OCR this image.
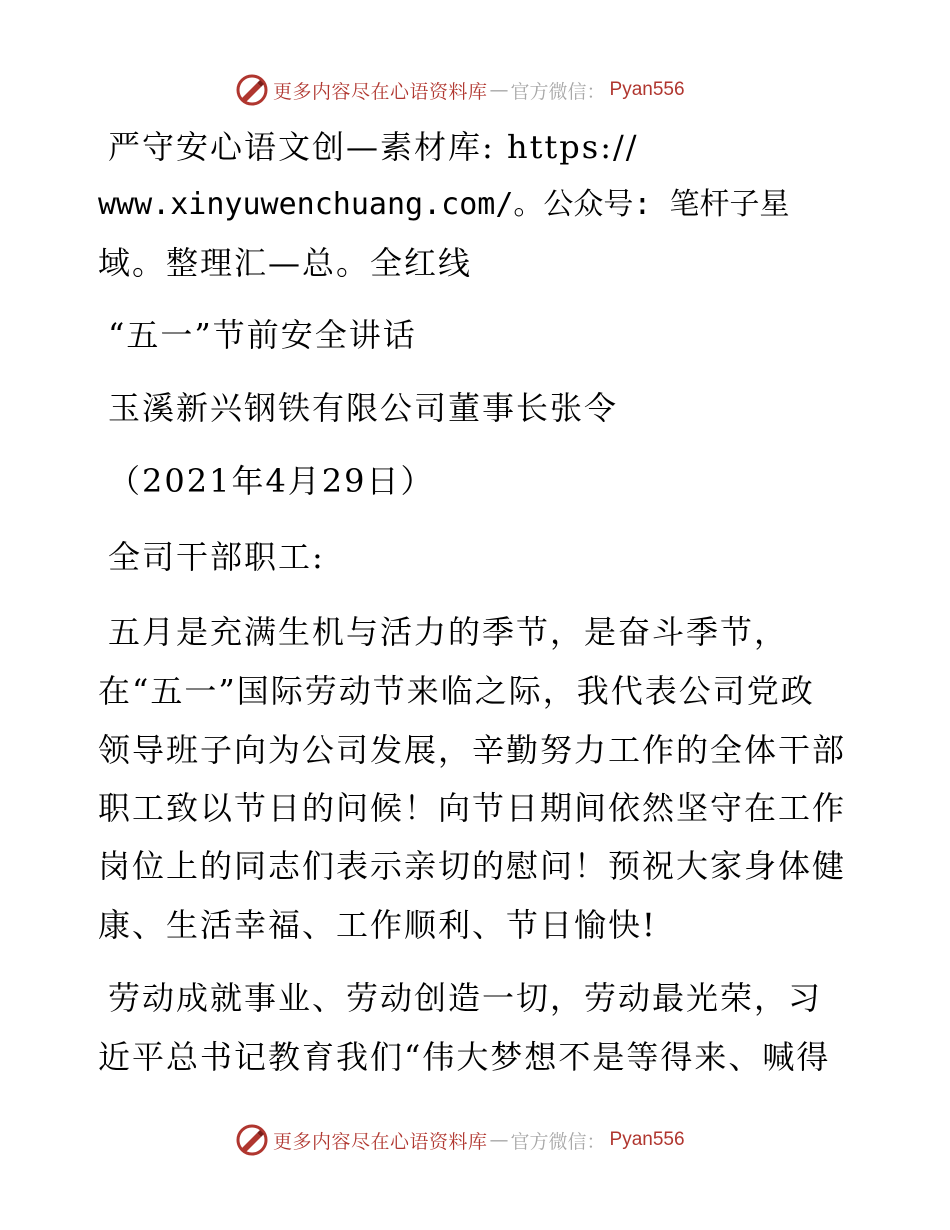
更多内容尽在心语资料库 — 官方微信： Pyan556
严守安心语文创—素材库: https://
www.xinyuwenchuang.com/。公众号: 笔杆子星
域。整理汇—总。全红线
“五一”节前安全讲话
玉溪新兴钢铁有限公司董事长张令
（2021年4月29日）
全司干部职工:
五月是充满生机与活力的季节，是奋斗季节，
在“五一”国际劳动节来临之际，我代表公司党政
领导班子向为公司发展，辛勤努力工作的全体干部
职工致以节日的问候！向节日期间依然坚守在工作
岗位上的同志们表示亲切的慰问！预祝大家身体健
康、生活幸福、工作顺利、节日愉快!
劳动成就事业、劳动创造一切，劳动最光荣，习
近平总书记教育我们“伟大梦想不是等得来、喊得
更多内容尽在心语资料库 — 官方微信： Pyan556
